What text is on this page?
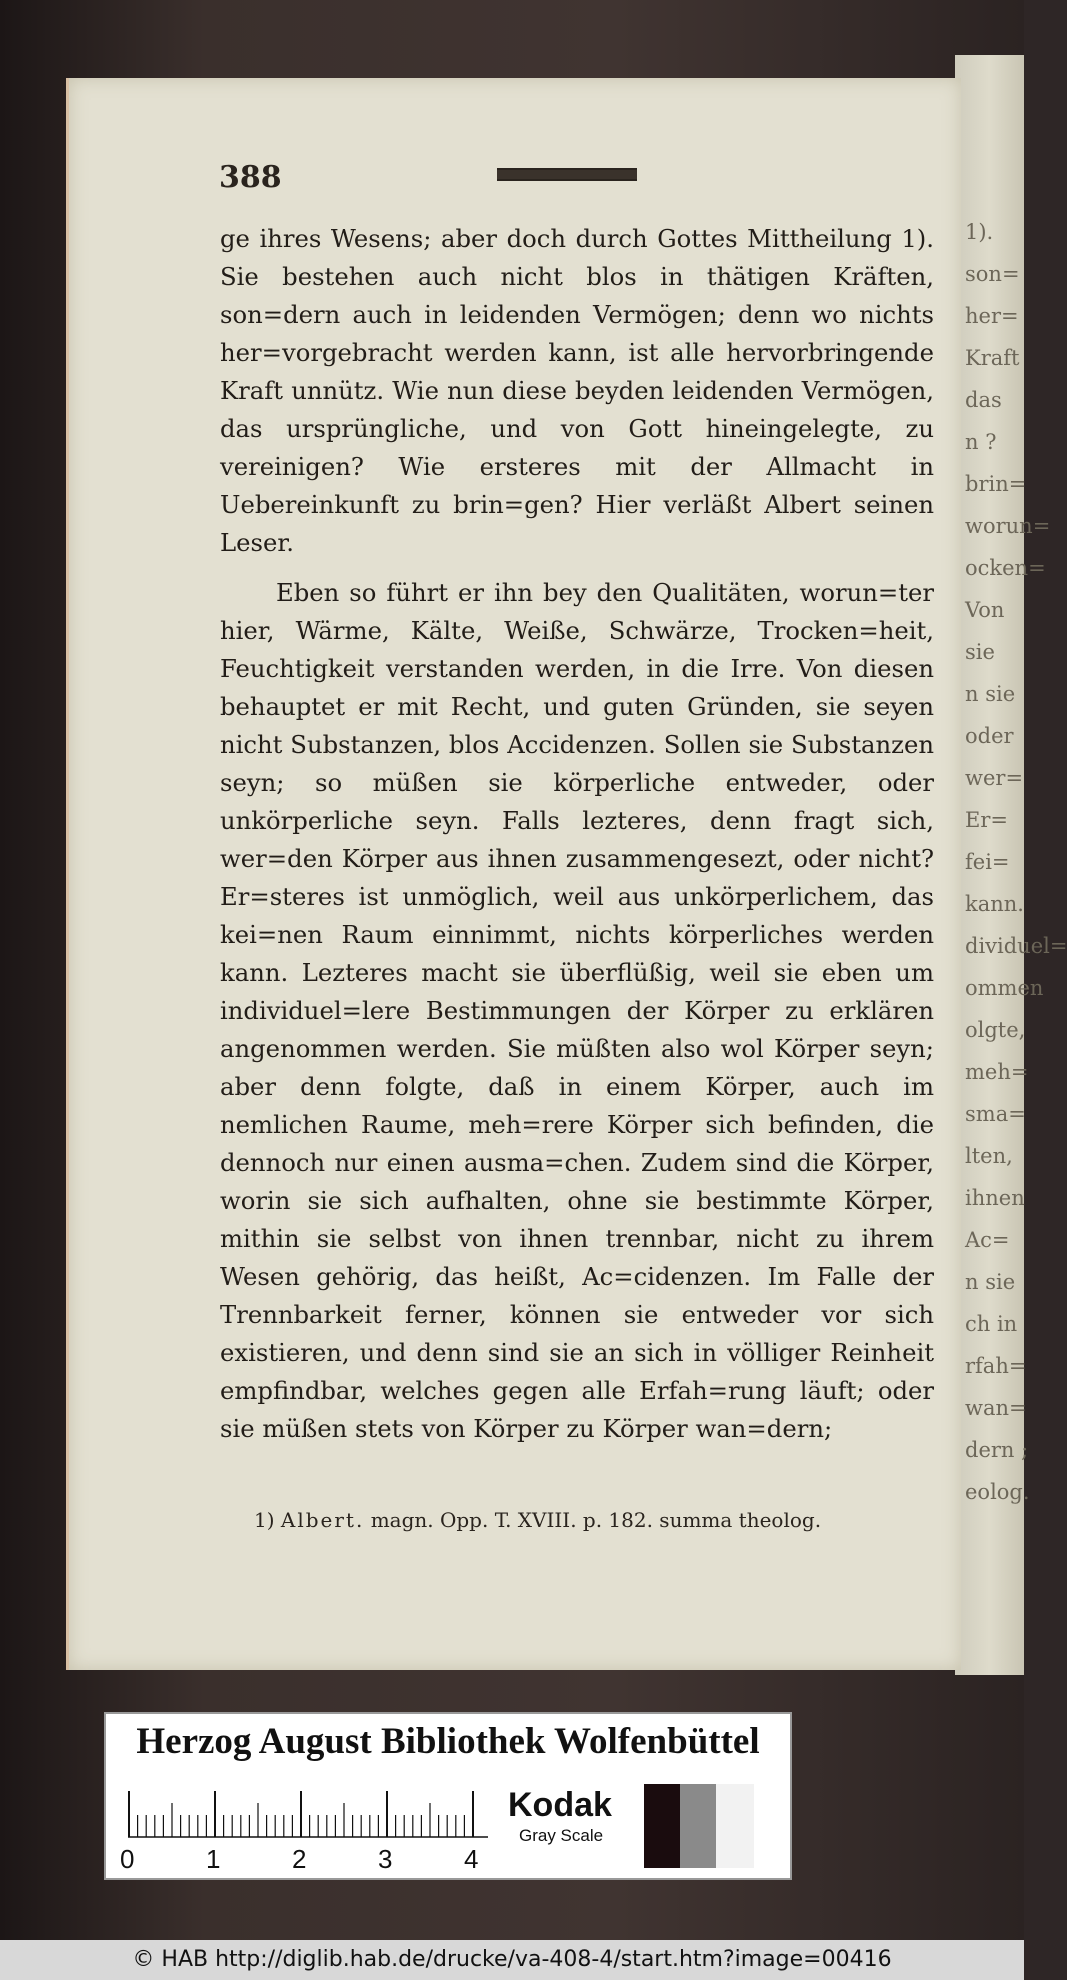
1).
son=
her=
Kraft
das
n ?
brin=
worun=
ocken=
Von
sie
n sie
oder
wer=
Er=
fei=
kann.
dividuel=
ommen
olgte,
meh=
sma=
lten,
ihnen
Ac=
n sie
ch in
rfah=
wan=
dern ;
eolog.
388

ge ihres Wesens; aber doch durch Gottes Mittheilung 1). Sie bestehen auch nicht blos in thätigen Kräften, son=dern auch in leidenden Vermögen; denn wo nichts her=vorgebracht werden kann, ist alle hervorbringende Kraft unnütz. Wie nun diese beyden leidenden Vermögen, das ursprüngliche, und von Gott hineingelegte, zu vereinigen? Wie ersteres mit der Allmacht in Uebereinkunft zu brin=gen? Hier verläßt Albert seinen Leser.

Eben so führt er ihn bey den Qualitäten, worun=ter hier, Wärme, Kälte, Weiße, Schwärze, Trocken=heit, Feuchtigkeit verstanden werden, in die Irre. Von diesen behauptet er mit Recht, und guten Gründen, sie seyen nicht Substanzen, blos Accidenzen. Sollen sie Substanzen seyn; so müßen sie körperliche entweder, oder unkörperliche seyn. Falls lezteres, denn fragt sich, wer=den Körper aus ihnen zusammengesezt, oder nicht? Er=steres ist unmöglich, weil aus unkörperlichem, das kei=nen Raum einnimmt, nichts körperliches werden kann. Lezteres macht sie überflüßig, weil sie eben um individuel=lere Bestimmungen der Körper zu erklären angenommen werden. Sie müßten also wol Körper seyn; aber denn folgte, daß in einem Körper, auch im nemlichen Raume, meh=rere Körper sich befinden, die dennoch nur einen ausma=chen. Zudem sind die Körper, worin sie sich aufhalten, ohne sie bestimmte Körper, mithin sie selbst von ihnen trennbar, nicht zu ihrem Wesen gehörig, das heißt, Ac=cidenzen. Im Falle der Trennbarkeit ferner, können sie entweder vor sich existieren, und denn sind sie an sich in völliger Reinheit empfindbar, welches gegen alle Erfah=rung läuft; oder sie müßen stets von Körper zu Körper wan=dern;

1) Albert. magn. Opp. T. XVIII. p. 182. summa theolog.
Herzog August Bibliothek Wolfenbüttel
0	1	2	3	4
Kodak
Gray Scale
© HAB http://diglib.hab.de/drucke/va-408-4/start.htm?image=00416
